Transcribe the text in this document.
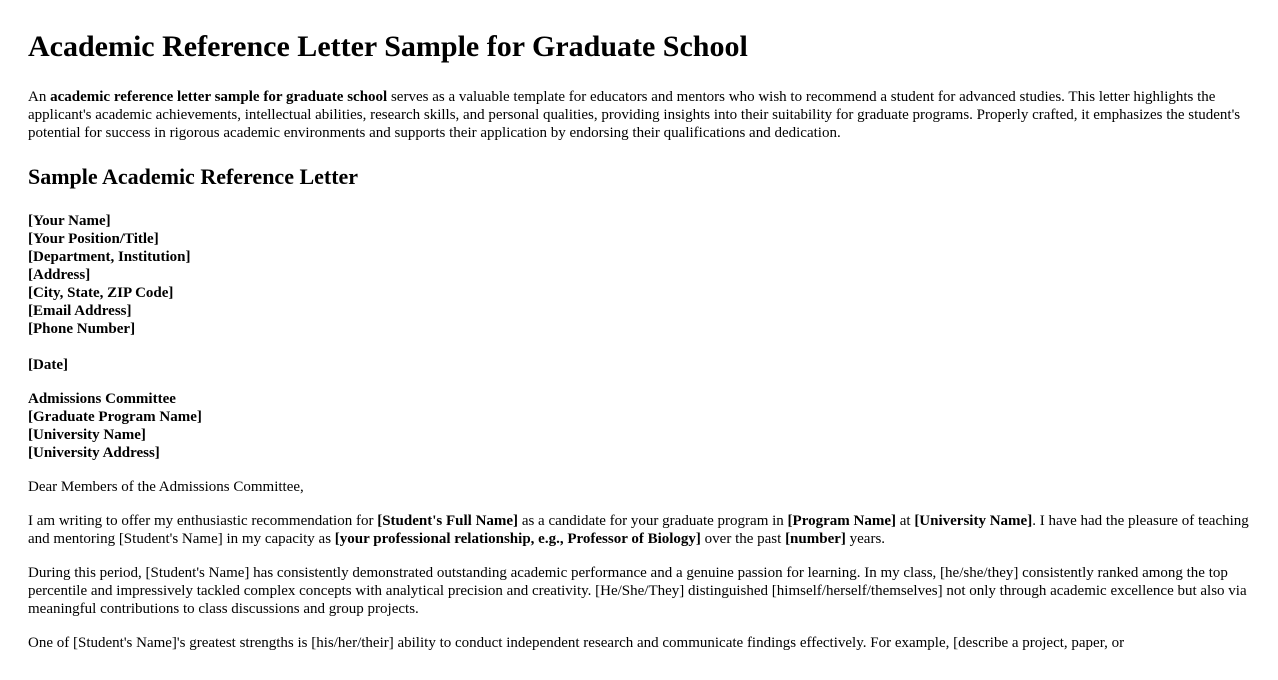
Academic Reference Letter Sample for Graduate School

An academic reference letter sample for graduate school serves as a valuable template for educators and mentors who wish to recommend a student for advanced studies. This letter highlights the applicant's academic achievements, intellectual abilities, research skills, and personal qualities, providing insights into their suitability for graduate programs. Properly crafted, it emphasizes the student's potential for success in rigorous academic environments and supports their application by endorsing their qualifications and dedication.

Sample Academic Reference Letter
[Your Name]
[Your Position/Title]
[Department, Institution]
[Address]
[City, State, ZIP Code]
[Email Address]
[Phone Number]
[Date]
Admissions Committee
[Graduate Program Name]
[University Name]
[University Address]

Dear Members of the Admissions Committee,

I am writing to offer my enthusiastic recommendation for [Student's Full Name] as a candidate for your graduate program in [Program Name] at [University Name]. I have had the pleasure of teaching and mentoring [Student's Name] in my capacity as [your professional relationship, e.g., Professor of Biology] over the past [number] years.

During this period, [Student's Name] has consistently demonstrated outstanding academic performance and a genuine passion for learning. In my class, [he/she/they] consistently ranked among the top percentile and impressively tackled complex concepts with analytical precision and creativity. [He/She/They] distinguished [himself/herself/themselves] not only through academic excellence but also via meaningful contributions to class discussions and group projects.

One of [Student's Name]'s greatest strengths is [his/her/their] ability to conduct independent research and communicate findings effectively. For example, [describe a project, paper, or
